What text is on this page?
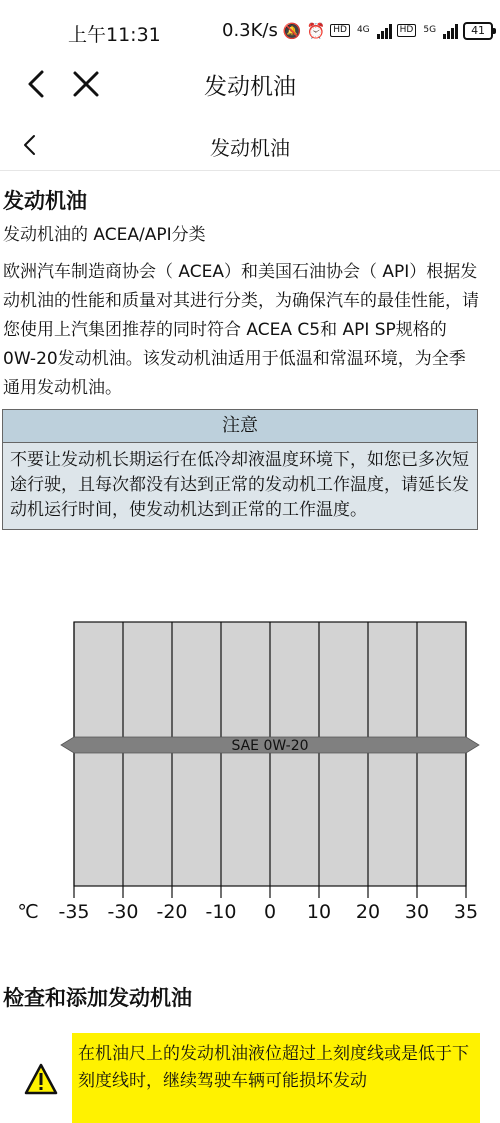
上午11:31	0.3K/s 🔕 ⏰ HD	4G	HD	5G	41
发动机油
发动机油
发动机油

发动机油的 ACEA/API分类

欧洲汽车制造商协会（ ACEA）和美国石油协会（ API）根据发动机油的性能和质量对其进行分类，为确保汽车的最佳性能，请您使用上汽集团推荐的同时符合 ACEA C5和 API SP规格的 0W-20发动机油。该发动机油适用于低温和常温环境，为全季通用发动机油。

注意
不要让发动机长期运行在低冷却液温度环境下，如您已多次短途行驶，且每次都没有达到正常的发动机工作温度，请延长发动机运行时间，使发动机达到正常的工作温度。
-35 -30 -20 -10 0 10 20 30 35
℃
SAE 0W-20
检查和添加发动机油
在机油尺上的发动机油液位超过上刻度线或是低于下刻度线时，继续驾驶车辆可能损坏发动
